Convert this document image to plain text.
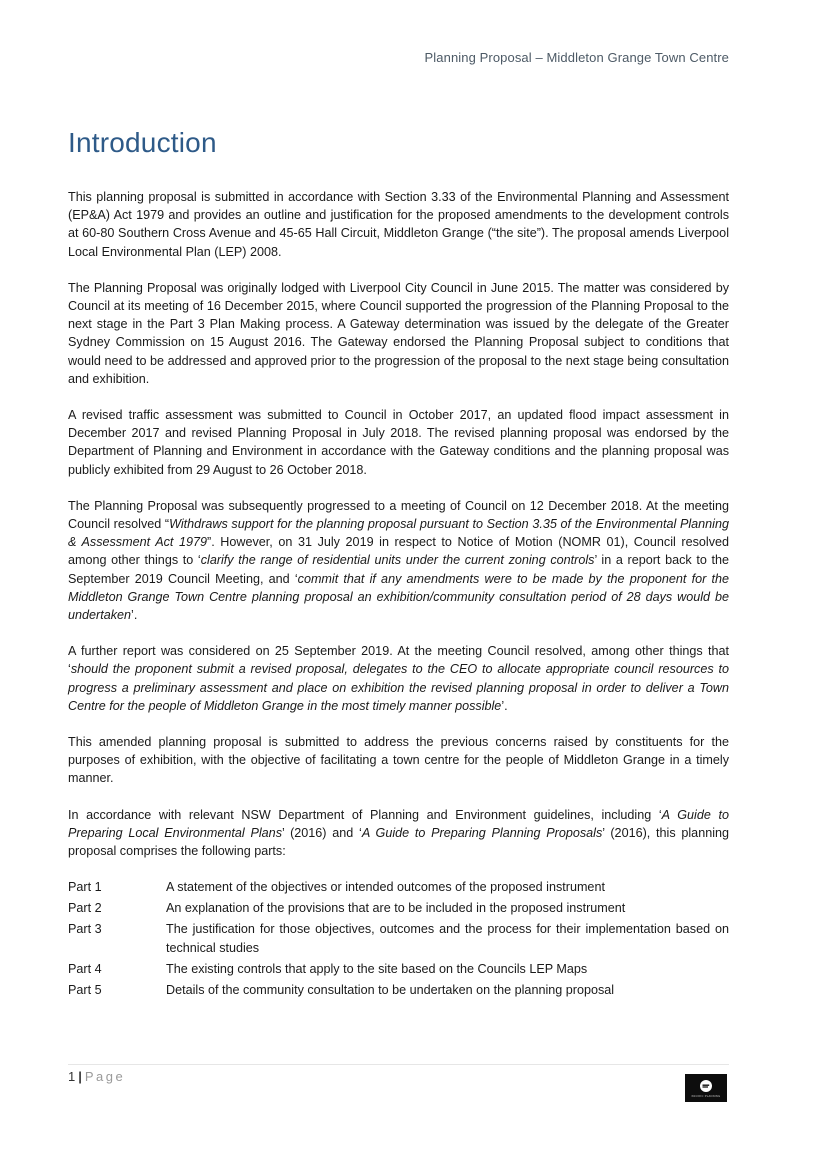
Planning Proposal – Middleton Grange Town Centre
Introduction

This planning proposal is submitted in accordance with Section 3.33 of the Environmental Planning and Assessment (EP&A) Act 1979 and provides an outline and justification for the proposed amendments to the development controls at 60-80 Southern Cross Avenue and 45-65 Hall Circuit, Middleton Grange (“the site”). The proposal amends Liverpool Local Environmental Plan (LEP) 2008.

The Planning Proposal was originally lodged with Liverpool City Council in June 2015. The matter was considered by Council at its meeting of 16 December 2015, where Council supported the progression of the Planning Proposal to the next stage in the Part 3 Plan Making process. A Gateway determination was issued by the delegate of the Greater Sydney Commission on 15 August 2016. The Gateway endorsed the Planning Proposal subject to conditions that would need to be addressed and approved prior to the progression of the proposal to the next stage being consultation and exhibition.

A revised traffic assessment was submitted to Council in October 2017, an updated flood impact assessment in December 2017 and revised Planning Proposal in July 2018. The revised planning proposal was endorsed by the Department of Planning and Environment in accordance with the Gateway conditions and the planning proposal was publicly exhibited from 29 August to 26 October 2018.

The Planning Proposal was subsequently progressed to a meeting of Council on 12 December 2018. At the meeting Council resolved “Withdraws support for the planning proposal pursuant to Section 3.35 of the Environmental Planning & Assessment Act 1979”. However, on 31 July 2019 in respect to Notice of Motion (NOMR 01), Council resolved among other things to ‘clarify the range of residential units under the current zoning controls’ in a report back to the September 2019 Council Meeting, and ‘commit that if any amendments were to be made by the proponent for the Middleton Grange Town Centre planning proposal an exhibition/community consultation period of 28 days would be undertaken’.

A further report was considered on 25 September 2019. At the meeting Council resolved, among other things that ‘should the proponent submit a revised proposal, delegates to the CEO to allocate appropriate council resources to progress a preliminary assessment and place on exhibition the revised planning proposal in order to deliver a Town Centre for the people of Middleton Grange in the most timely manner possible’.

This amended planning proposal is submitted to address the previous concerns raised by constituents for the purposes of exhibition, with the objective of facilitating a town centre for the people of Middleton Grange in a timely manner.

In accordance with relevant NSW Department of Planning and Environment guidelines, including ‘A Guide to Preparing Local Environmental Plans’ (2016) and ‘A Guide to Preparing Planning Proposals’ (2016), this planning proposal comprises the following parts:

Part 1	A statement of the objectives or intended outcomes of the proposed instrument
Part 2	An explanation of the provisions that are to be included in the proposed instrument
Part 3	The justification for those objectives, outcomes and the process for their implementation based on technical studies
Part 4	The existing controls that apply to the site based on the Councils LEP Maps
Part 5	Details of the community consultation to be undertaken on the planning proposal
1 | Page
PACIFIC PLANNING
